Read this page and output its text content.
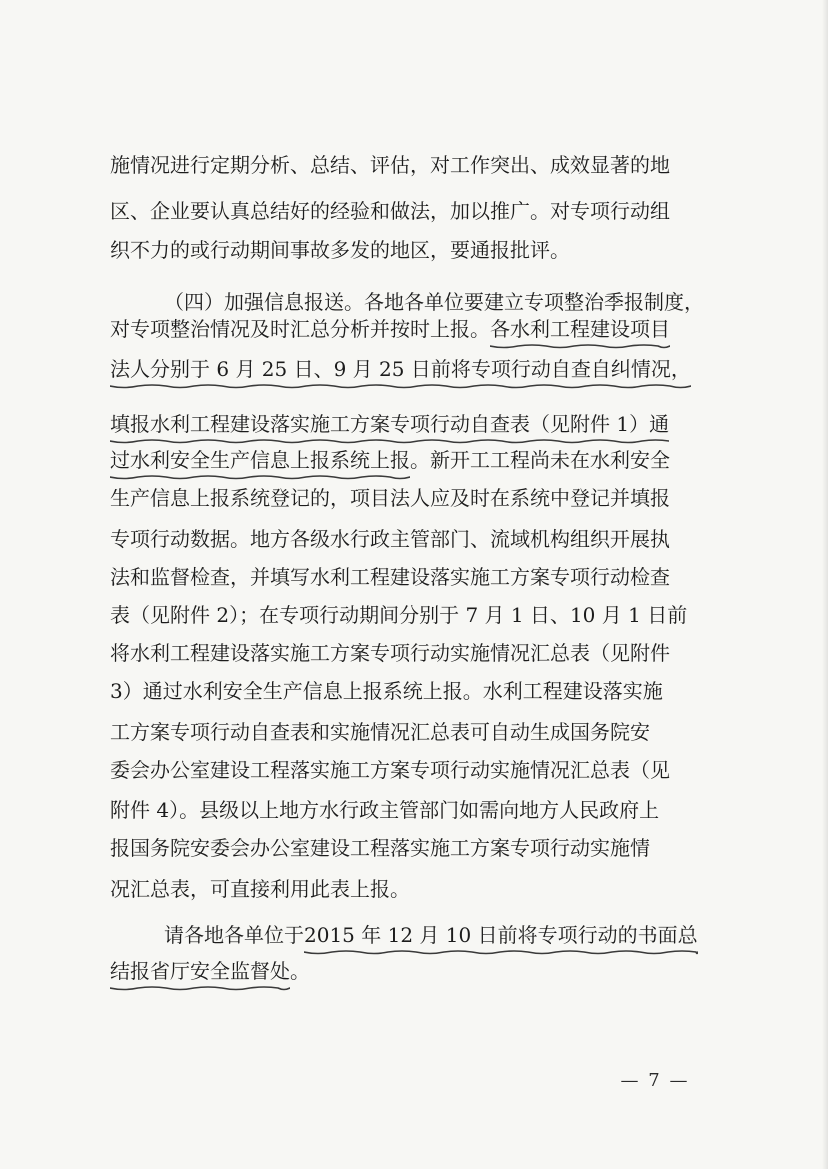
施情况进行定期分析、总结、评估，对工作突出、成效显著的地
区、企业要认真总结好的经验和做法，加以推广。对专项行动组
织不力的或行动期间事故多发的地区，要通报批评。
（四）加强信息报送。各地各单位要建立专项整治季报制度，
对专项整治情况及时汇总分析并按时上报。各水利工程建设项目
法人分别于 6 月 25 日、9 月 25 日前将专项行动自查自纠情况，
填报水利工程建设落实施工方案专项行动自查表（见附件 1）通
过水利安全生产信息上报系统上报
。新开工工程尚未在水利安全
生产信息上报系统登记的，项目法人应及时在系统中登记并填报
专项行动数据。地方各级水行政主管部门、流域机构组织开展执
法和监督检查，并填写水利工程建设落实施工方案专项行动检查
表（见附件 2）；在专项行动期间分别于 7 月 1 日、10 月 1 日前
将水利工程建设落实施工方案专项行动实施情况汇总表（见附件
3）通过水利安全生产信息上报系统上报。水利工程建设落实施
工方案专项行动自查表和实施情况汇总表可自动生成国务院安
委会办公室建设工程落实施工方案专项行动实施情况汇总表（见
附件 4）。县级以上地方水行政主管部门如需向地方人民政府上
报国务院安委会办公室建设工程落实施工方案专项行动实施情
况汇总表，可直接利用此表上报。
请各地各单位于2015 年 12 月 10 日前将专项行动的书面总
结报省厅安全监督处
。
— 7 —
